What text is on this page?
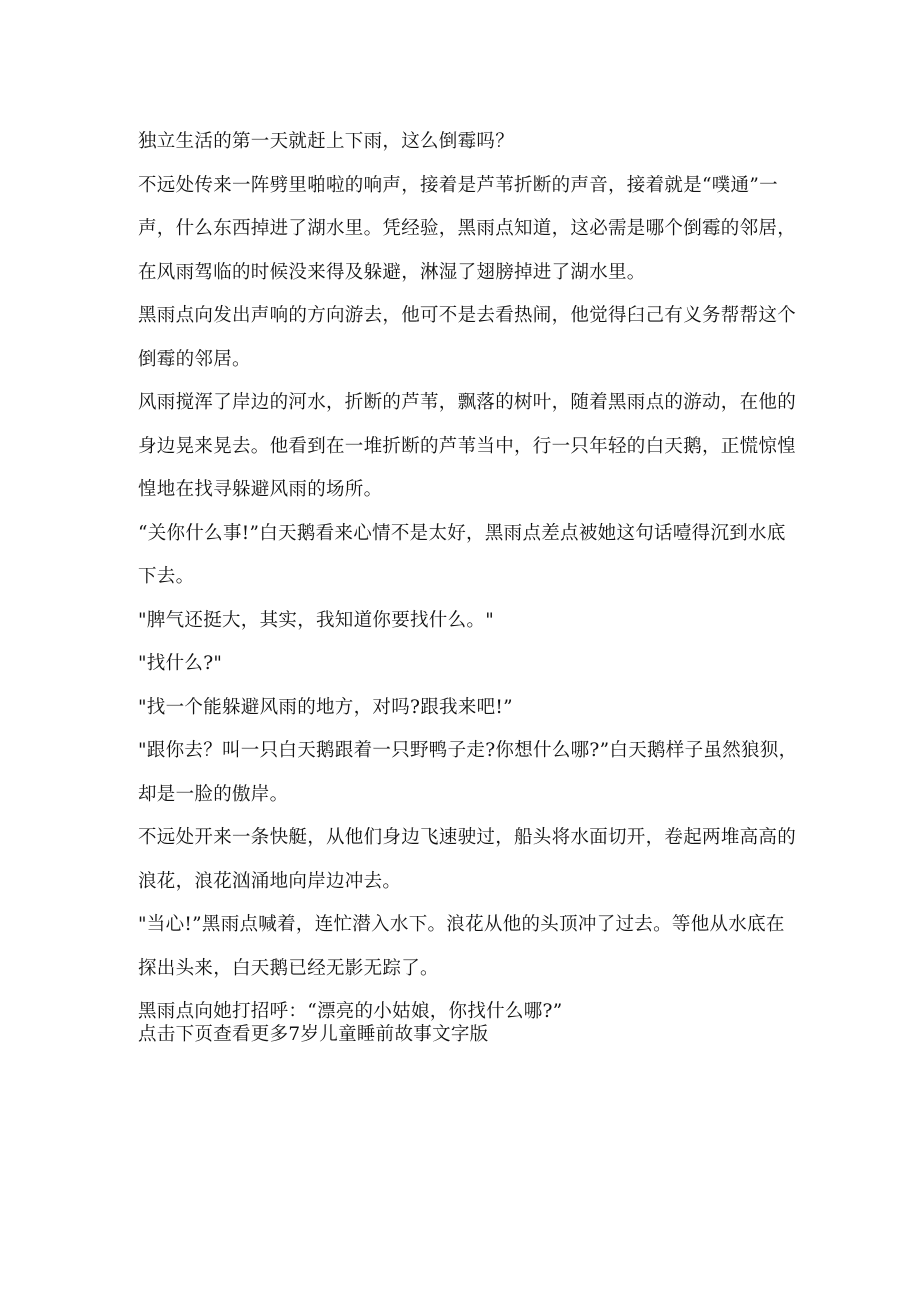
独立生活的第一天就赶上下雨，这么倒霉吗？

不远处传来一阵劈里啪啦的响声，接着是芦苇折断的声音，接着就是“噗通”一声，什么东西掉进了湖水里。凭经验，黑雨点知道，这必需是哪个倒霉的邻居，在风雨驾临的时候没来得及躲避，淋湿了翅膀掉进了湖水里。

黑雨点向发出声响的方向游去，他可不是去看热闹，他觉得臼己有义务帮帮这个倒霉的邻居。

风雨搅浑了岸边的河水，折断的芦苇，飘落的树叶，随着黑雨点的游动，在他的身边晃来晃去。他看到在一堆折断的芦苇当中，行一只年轻的白天鹅，正慌惊惶惶地在找寻躲避风雨的场所。

“关你什么事!”白天鹅看来心情不是太好，黑雨点差点被她这句话噎得沉到水底下去。

"脾气还挺大，其实，我知道你要找什么。"

"找什么?"

"找一个能躲避风雨的地方，对吗?跟我来吧!”

"跟你去？叫一只白天鹅跟着一只野鸭子走?你想什么哪?”白天鹅样子虽然狼狈，却是一脸的傲岸。

不远处开来一条快艇，从他们身边飞速驶过，船头将水面切开，卷起两堆高高的浪花，浪花汹涌地向岸边冲去。

"当心!”黑雨点喊着，连忙潜入水下。浪花从他的头顶冲了过去。等他从水底在探出头来，白天鹅已经无影无踪了。

黑雨点向她打招呼：“漂亮的小姑娘，你找什么哪?”

点击下页查看更多7岁儿童睡前故事文字版
